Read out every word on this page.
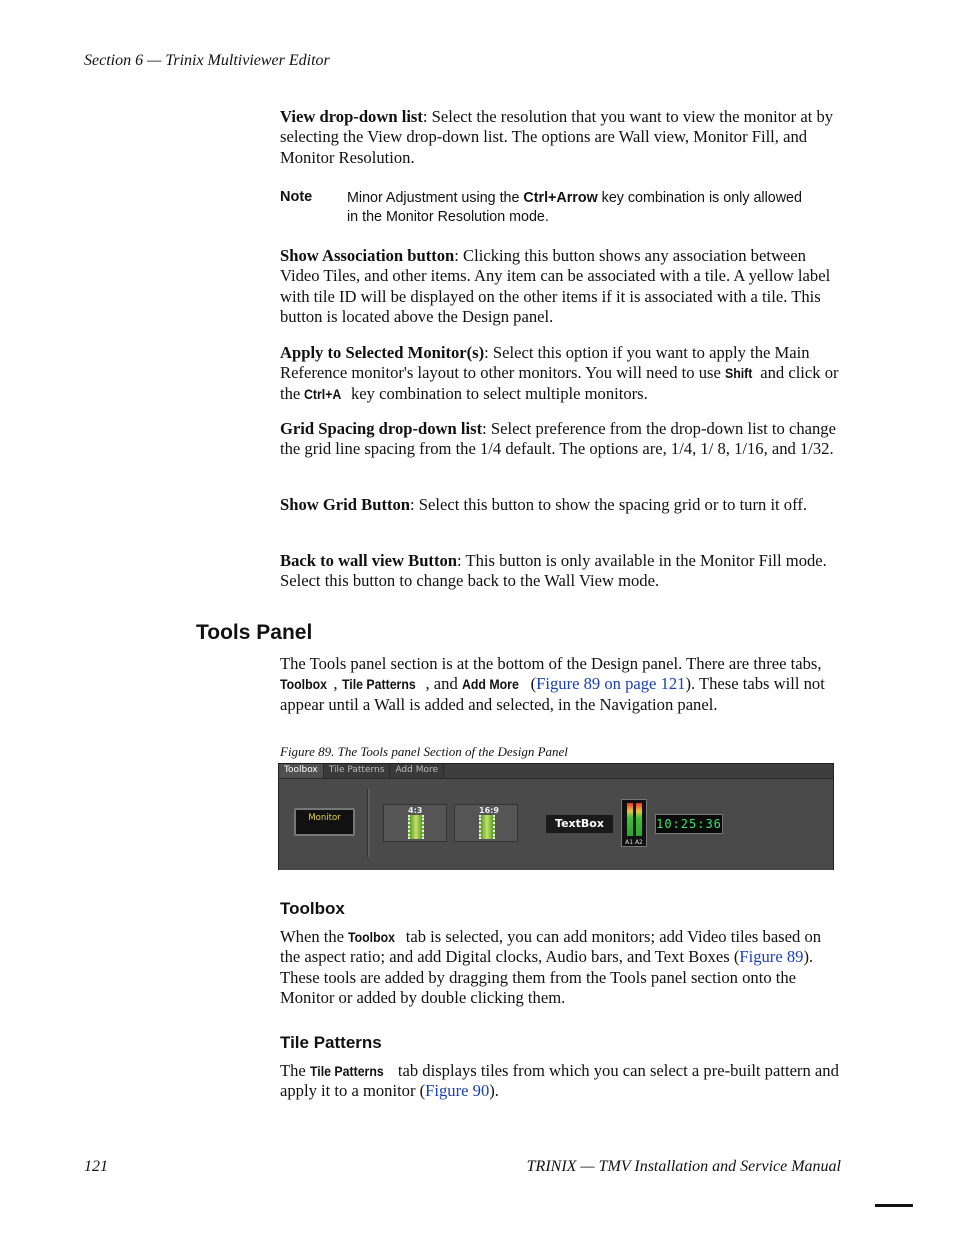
Section 6 — Trinix Multiviewer Editor

View drop-down list: Select the resolution that you want to view the monitor at by selecting the View drop-down list. The options are Wall view, Monitor Fill, and Monitor Resolution.

Note Minor Adjustment using the Ctrl+Arrow key combination is only allowed in the Monitor Resolution mode.

Show Association button: Clicking this button shows any association between Video Tiles, and other items. Any item can be associated with a tile. A yellow label with tile ID will be displayed on the other items if it is associated with a tile. This button is located above the Design panel.

Apply to Selected Monitor(s): Select this option if you want to apply the Main Reference monitor's layout to other monitors. You will need to use Shift and click or the Ctrl+A key combination to select multiple monitors.

Grid Spacing drop-down list: Select preference from the drop-down list to change the grid line spacing from the 1/4 default. The options are, 1/4, 1/ 8, 1/16, and 1/32.

Show Grid Button: Select this button to show the spacing grid or to turn it off.

Back to wall view Button: This button is only available in the Monitor Fill mode. Select this button to change back to the Wall View mode.

Tools Panel

The Tools panel section is at the bottom of the Design panel. There are three tabs, Toolbox , Tile Patterns , and Add More (Figure 89 on page 121). These tabs will not appear until a Wall is added and selected, in the Navigation panel.

Figure 89. The Tools panel Section of the Design Panel
Toolbox	Tile Patterns	Add More
Monitor
4:3	16:9
TextBox
A1 A2
10:25:36
Toolbox

When the Toolbox tab is selected, you can add monitors; add Video tiles based on the aspect ratio; and add Digital clocks, Audio bars, and Text Boxes (Figure 89). These tools are added by dragging them from the Tools panel section onto the Monitor or added by double clicking them.

Tile Patterns

The Tile Patterns tab displays tiles from which you can select a pre-built pattern and apply it to a monitor (Figure 90).

121	TRINIX — TMV Installation and Service Manual
